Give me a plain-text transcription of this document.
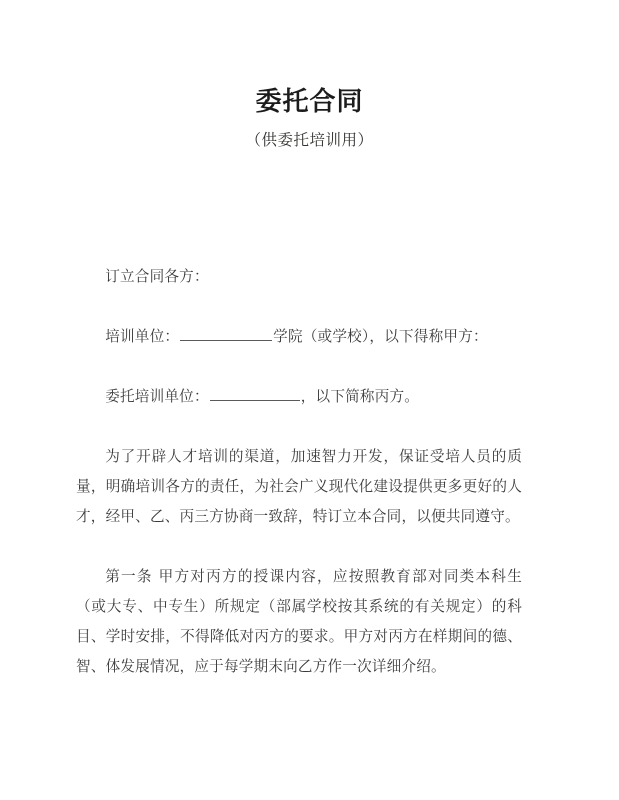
委托合同
（供委托培训用）

订立合同各方：

培训单位：	学院（或学校），以下得称甲方：

委托培训单位：	，以下简称丙方。

为了开辟人才培训的渠道，加速智力开发，保证受培人员的质量，明确培训各方的责任，为社会广义现代化建设提供更多更好的人才，经甲、乙、丙三方协商一致辞，特订立本合同，以便共同遵守。

第一条 甲方对丙方的授课内容，应按照教育部对同类本科生（或大专、中专生）所规定（部属学校按其系统的有关规定）的科目、学时安排，不得降低对丙方的要求。甲方对丙方在样期间的德、智、体发展情况，应于每学期末向乙方作一次详细介绍。
